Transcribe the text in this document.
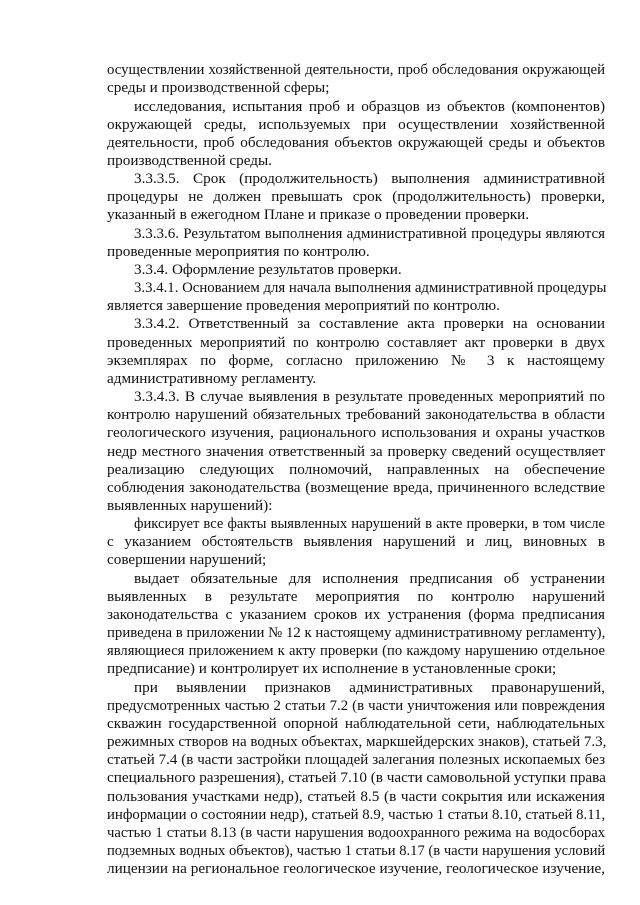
осуществлении хозяйственной деятельности, проб обследования окружающей
среды и производственной сферы;
исследования, испытания проб и образцов из объектов (компонентов)
окружающей среды, используемых при осуществлении хозяйственной
деятельности, проб обследования объектов окружающей среды и объектов
производственной среды.
3.3.3.5. Срок (продолжительность) выполнения административной
процедуры не должен превышать срок (продолжительность) проверки,
указанный в ежегодном Плане и приказе о проведении проверки.
3.3.3.6. Результатом выполнения административной процедуры являются
проведенные мероприятия по контролю.
3.3.4. Оформление результатов проверки.
3.3.4.1. Основанием для начала выполнения административной процедуры
является завершение проведения мероприятий по контролю.
3.3.4.2. Ответственный за составление акта проверки на основании
проведенных мероприятий по контролю составляет акт проверки в двух
экземплярах по форме, согласно приложению № 3 к настоящему
административному регламенту.
3.3.4.3. В случае выявления в результате проведенных мероприятий по
контролю нарушений обязательных требований законодательства в области
геологического изучения, рационального использования и охраны участков
недр местного значения ответственный за проверку сведений осуществляет
реализацию следующих полномочий, направленных на обеспечение
соблюдения законодательства (возмещение вреда, причиненного вследствие
выявленных нарушений):
фиксирует все факты выявленных нарушений в акте проверки, в том числе
с указанием обстоятельств выявления нарушений и лиц, виновных в
совершении нарушений;
выдает обязательные для исполнения предписания об устранении
выявленных в результате мероприятия по контролю нарушений
законодательства с указанием сроков их устранения (форма предписания
приведена в приложении № 12 к настоящему административному регламенту),
являющиеся приложением к акту проверки (по каждому нарушению отдельное
предписание) и контролирует их исполнение в установленные сроки;
при выявлении признаков административных правонарушений,
предусмотренных частью 2 статьи 7.2 (в части уничтожения или повреждения
скважин государственной опорной наблюдательной сети, наблюдательных
режимных створов на водных объектах, маркшейдерских знаков), статьей 7.3,
статьей 7.4 (в части застройки площадей залегания полезных ископаемых без
специального разрешения), статьей 7.10 (в части самовольной уступки права
пользования участками недр), статьей 8.5 (в части сокрытия или искажения
информации о состоянии недр), статьей 8.9, частью 1 статьи 8.10, статьей 8.11,
частью 1 статьи 8.13 (в части нарушения водоохранного режима на водосборах
подземных водных объектов), частью 1 статьи 8.17 (в части нарушения условий
лицензии на региональное геологическое изучение, геологическое изучение,
